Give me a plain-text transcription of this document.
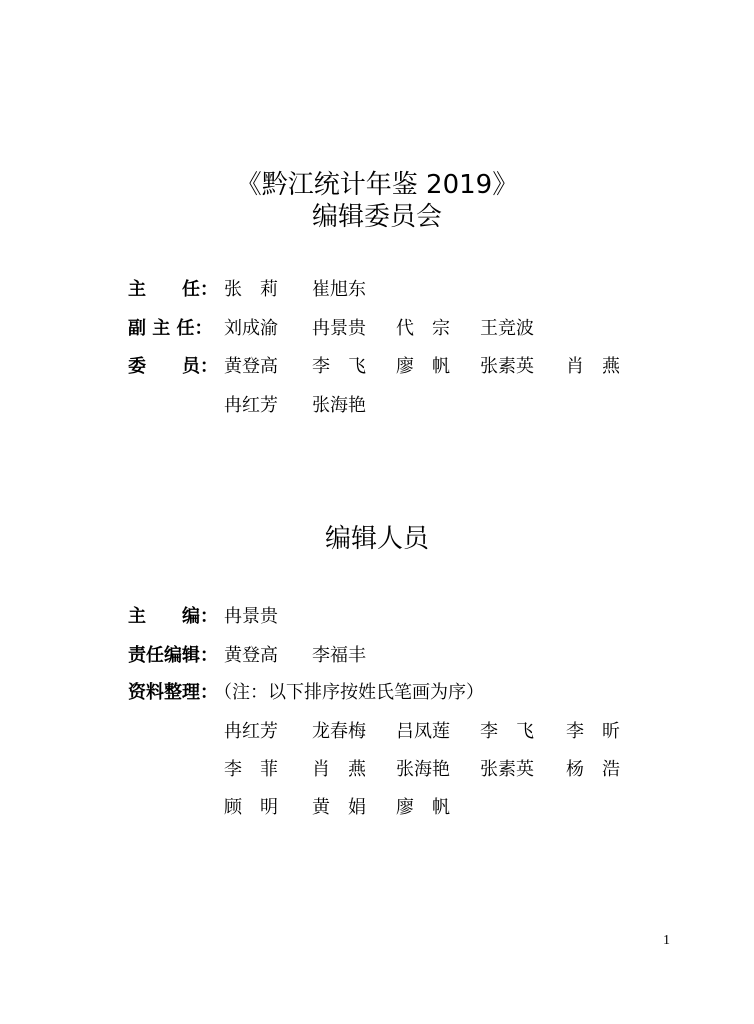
《黔江统计年鉴 2019》
编辑委员会
主　　任： 张　莉 崔旭东
副 主 任： 刘成渝 冉景贵 代　宗 王竞波
委　　员： 黄登高 李　飞 廖　帆 张素英 肖　燕
冉红芳 张海艳
编辑人员
主　　编： 冉景贵
责任编辑： 黄登高 李福丰
资料整理：
（注：以下排序按姓氏笔画为序）
冉红芳 龙春梅 吕凤莲 李　飞 李　昕
李　菲 肖　燕 张海艳 张素英 杨　浩
顾　明 黄　娟 廖　帆
1
